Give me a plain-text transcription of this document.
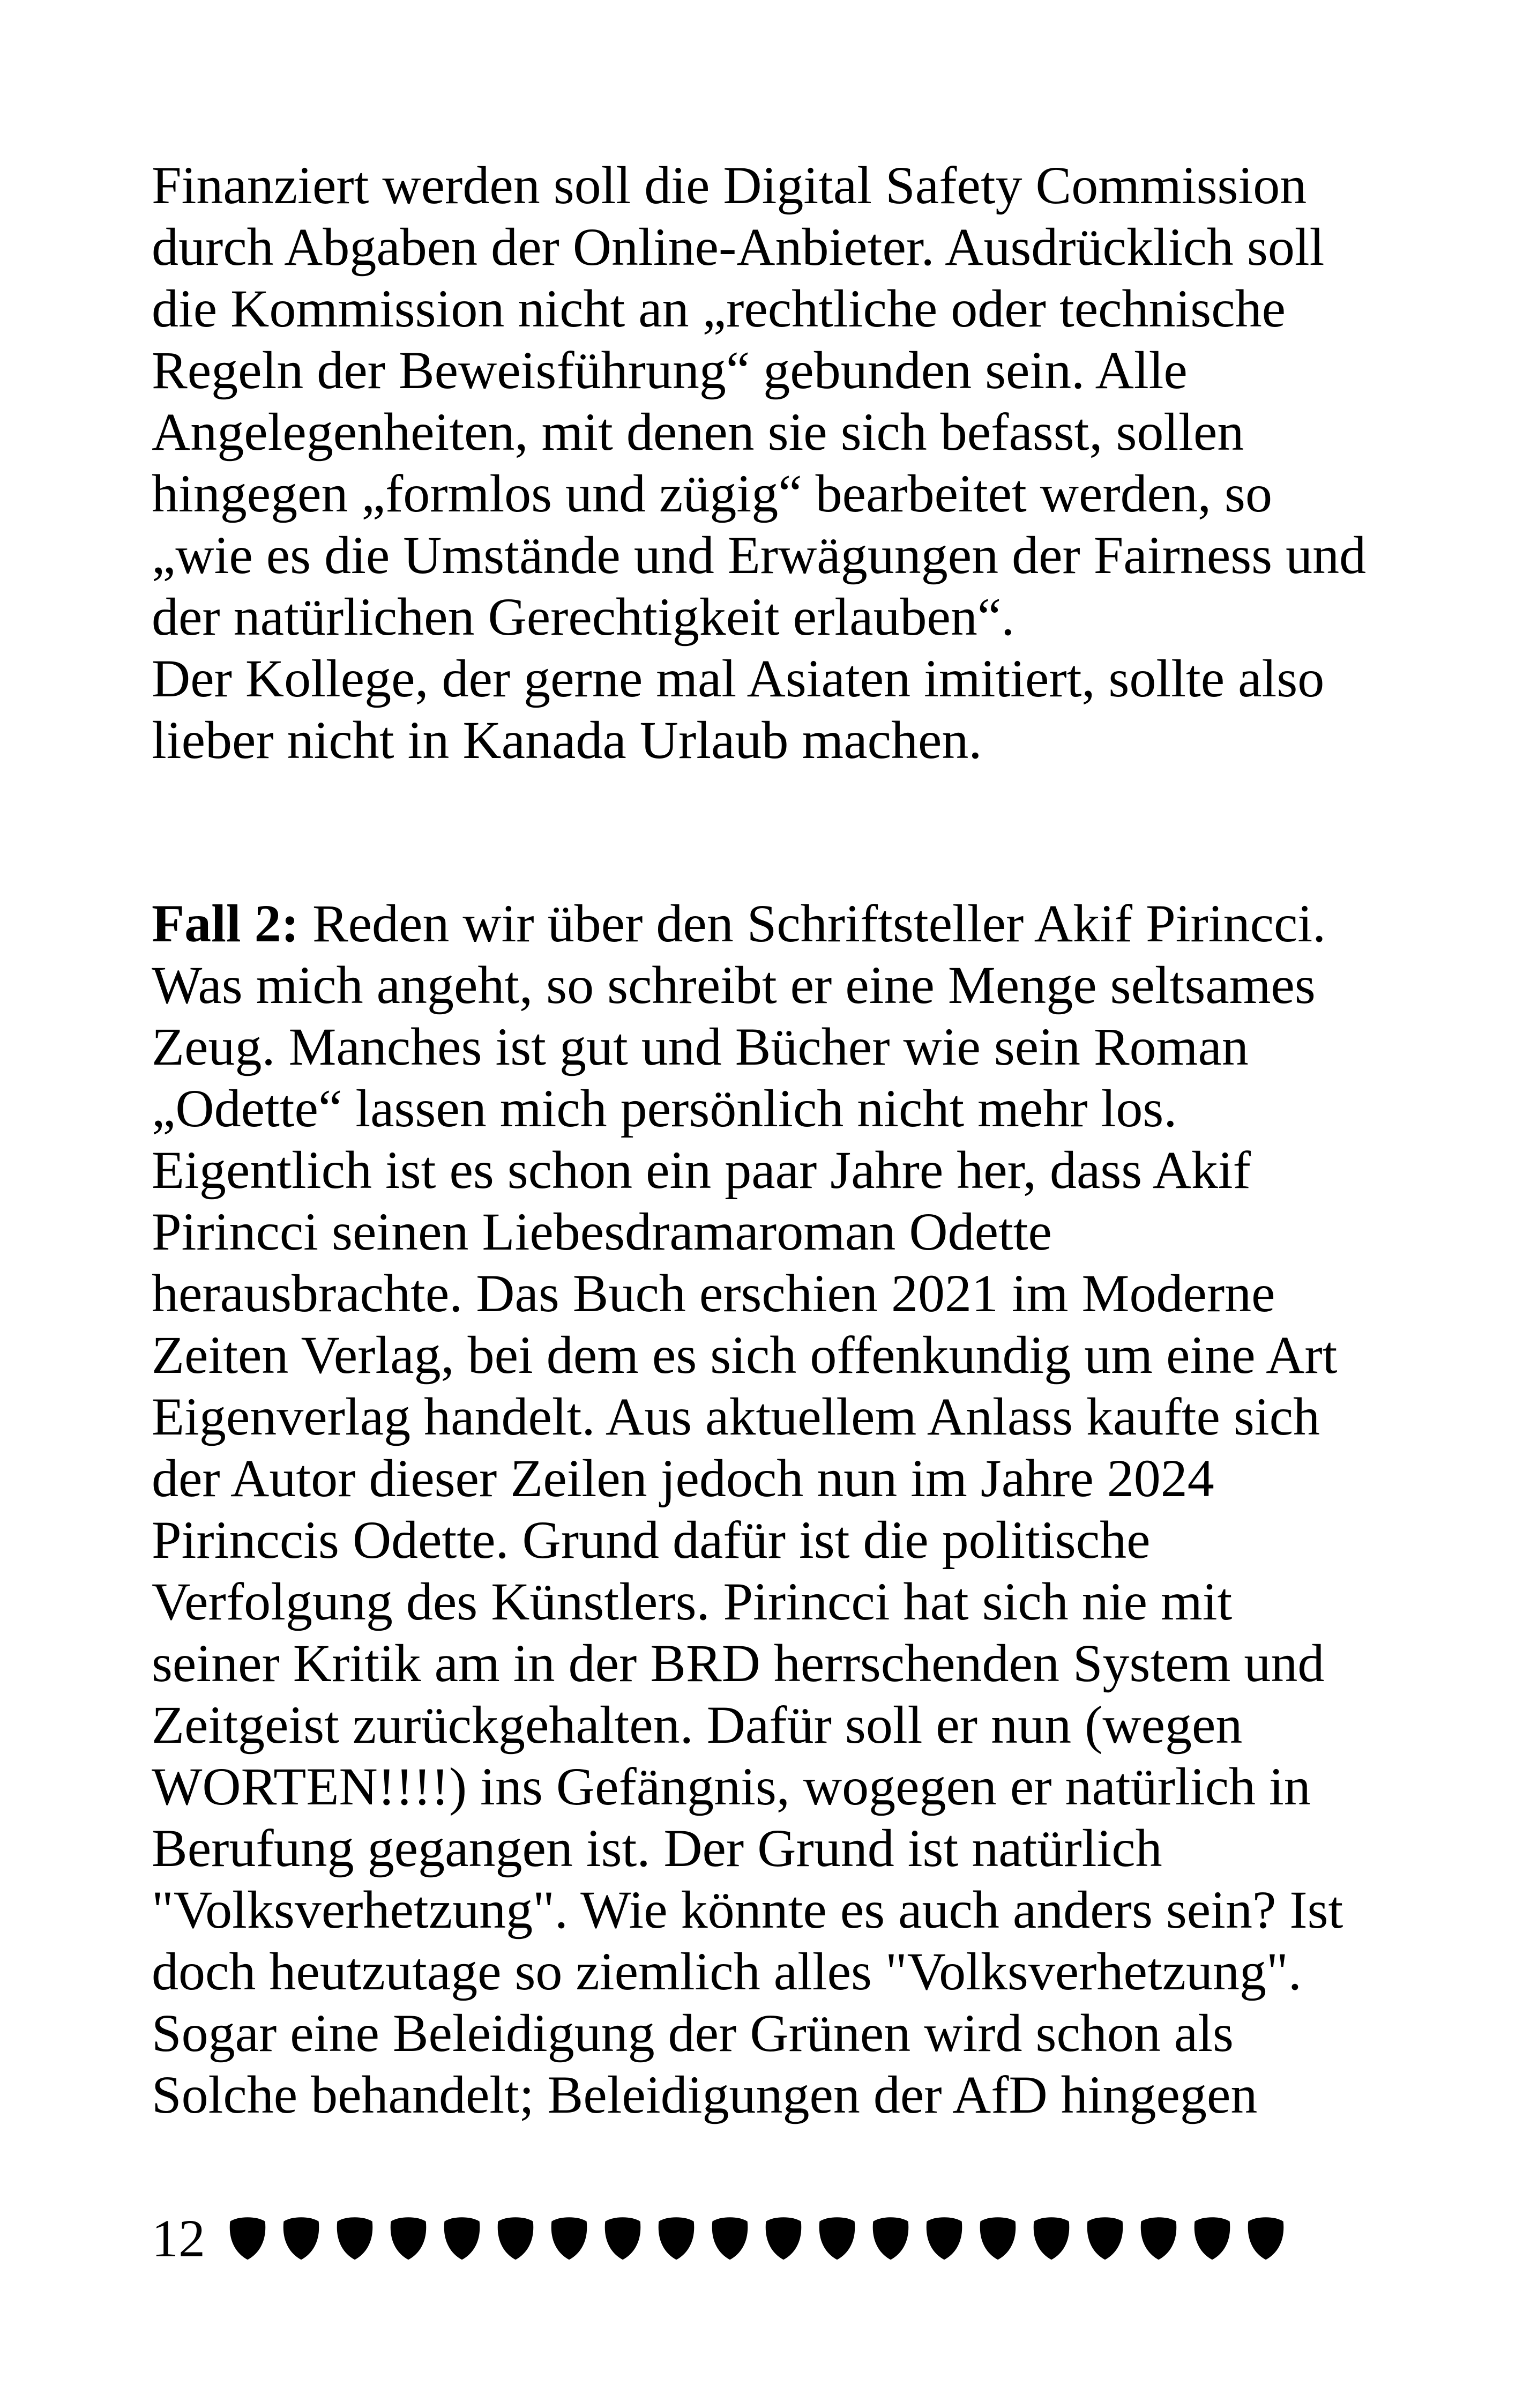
Finanziert werden soll die Digital Safety Commission
durch Abgaben der Online-Anbieter. Ausdrücklich soll
die Kommission nicht an „rechtliche oder technische
Regeln der Beweisführung“ gebunden sein. Alle
Angelegenheiten, mit denen sie sich befasst, sollen
hingegen „formlos und zügig“ bearbeitet werden, so
„wie es die Umstände und Erwägungen der Fairness und
der natürlichen Gerechtigkeit erlauben“.
Der Kollege, der gerne mal Asiaten imitiert, sollte also
lieber nicht in Kanada Urlaub machen.
Fall 2: Reden wir über den Schriftsteller Akif Pirincci.
Was mich angeht, so schreibt er eine Menge seltsames
Zeug. Manches ist gut und Bücher wie sein Roman
„Odette“ lassen mich persönlich nicht mehr los.
Eigentlich ist es schon ein paar Jahre her, dass Akif
Pirincci seinen Liebesdramaroman Odette
herausbrachte. Das Buch erschien 2021 im Moderne
Zeiten Verlag, bei dem es sich offenkundig um eine Art
Eigenverlag handelt. Aus aktuellem Anlass kaufte sich
der Autor dieser Zeilen jedoch nun im Jahre 2024
Pirinccis Odette. Grund dafür ist die politische
Verfolgung des Künstlers. Pirincci hat sich nie mit
seiner Kritik am in der BRD herrschenden System und
Zeitgeist zurückgehalten. Dafür soll er nun (wegen
WORTEN!!!!) ins Gefängnis, wogegen er natürlich in
Berufung gegangen ist. Der Grund ist natürlich
"Volksverhetzung". Wie könnte es auch anders sein? Ist
doch heutzutage so ziemlich alles "Volksverhetzung".
Sogar eine Beleidigung der Grünen wird schon als
Solche behandelt; Beleidigungen der AfD hingegen
12
